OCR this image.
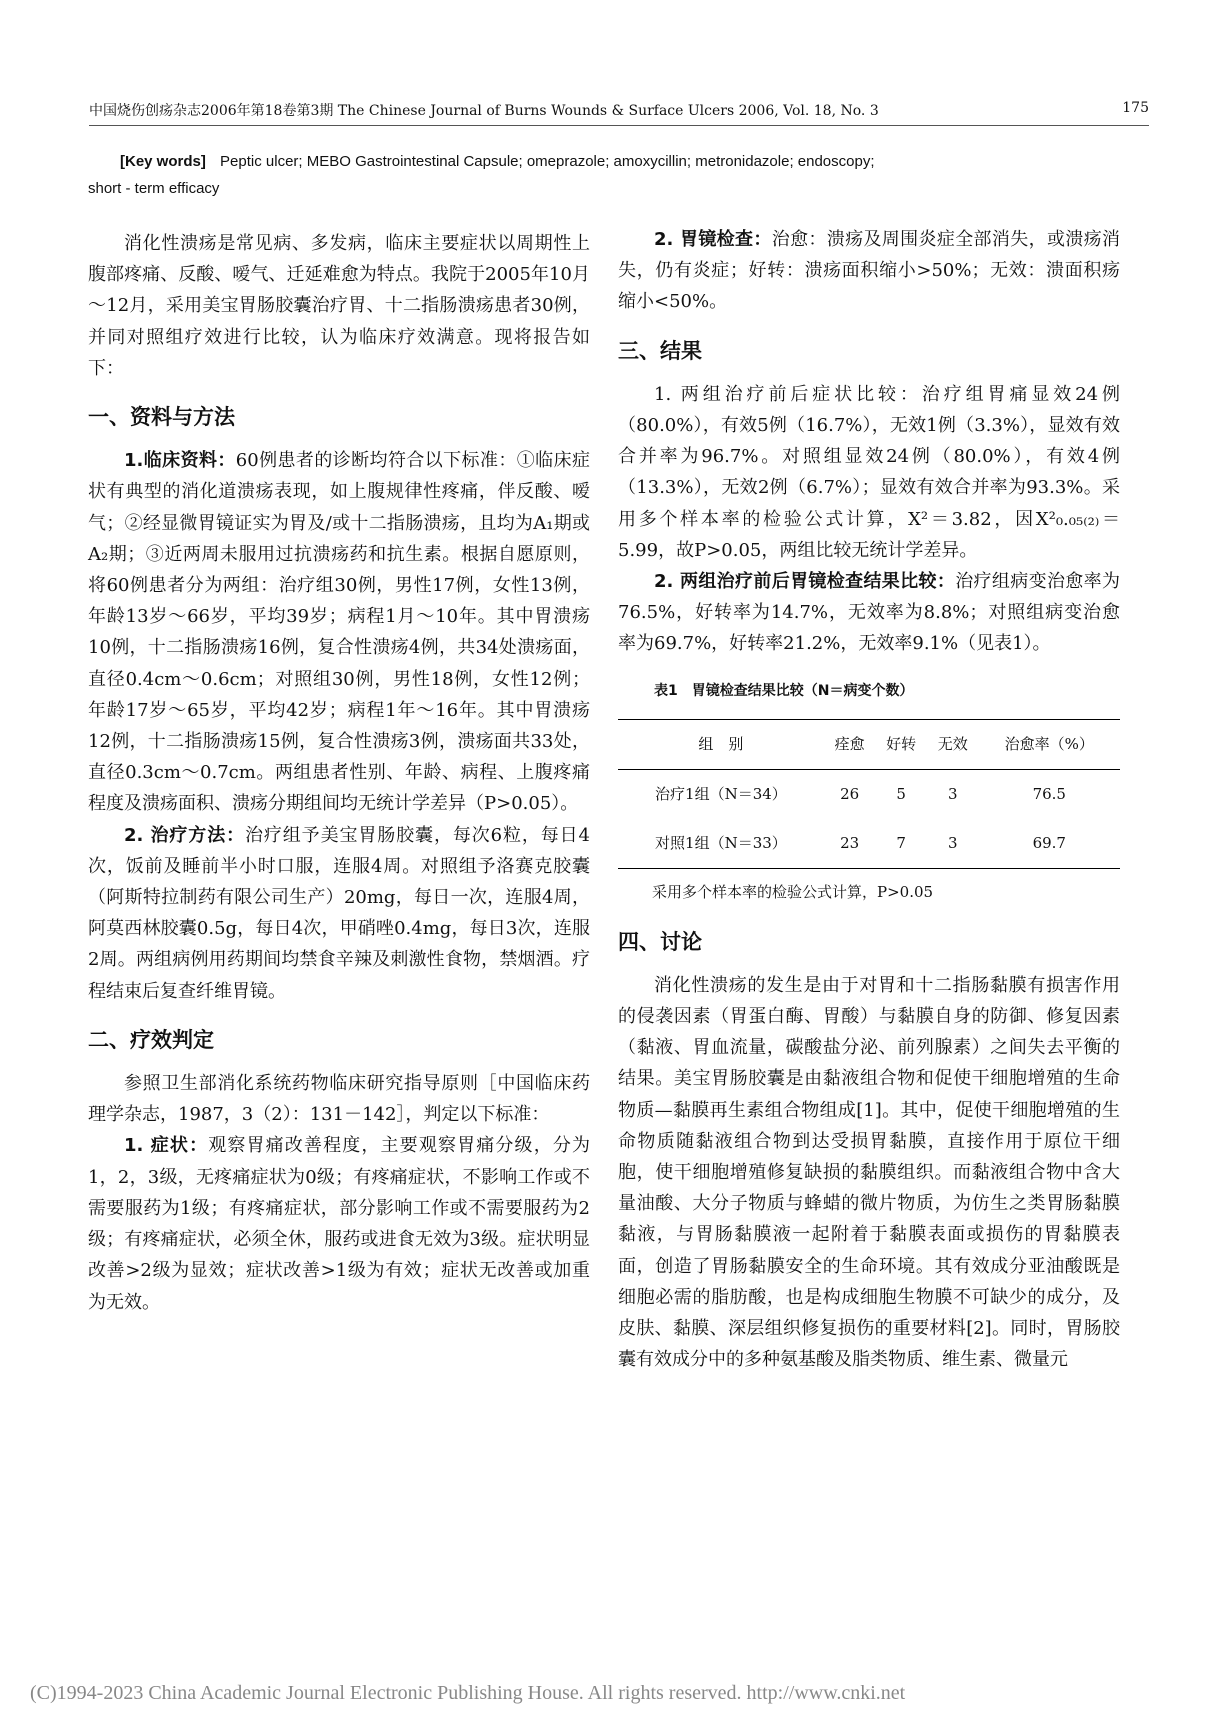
中国烧伤创疡杂志2006年第18卷第3期 The Chinese Journal of Burns Wounds & Surface Ulcers 2006, Vol. 18, No. 3	175
[Key words] Peptic ulcer; MEBO Gastrointestinal Capsule; omeprazole; amoxycillin; metronidazole; endoscopy;
short - term efficacy

消化性溃疡是常见病、多发病，临床主要症状以周期性上腹部疼痛、反酸、嗳气、迁延难愈为特点。我院于2005年10月～12月，采用美宝胃肠胶囊治疗胃、十二指肠溃疡患者30例，并同对照组疗效进行比较，认为临床疗效满意。现将报告如下：

一、资料与方法

1.临床资料：60例患者的诊断均符合以下标准：①临床症状有典型的消化道溃疡表现，如上腹规律性疼痛，伴反酸、嗳气；②经显微胃镜证实为胃及/或十二指肠溃疡，且均为A₁期或A₂期；③近两周未服用过抗溃疡药和抗生素。根据自愿原则，将60例患者分为两组：治疗组30例，男性17例，女性13例，年龄13岁～66岁，平均39岁；病程1月～10年。其中胃溃疡10例，十二指肠溃疡16例，复合性溃疡4例，共34处溃疡面，直径0.4cm～0.6cm；对照组30例，男性18例，女性12例；年龄17岁～65岁，平均42岁；病程1年～16年。其中胃溃疡12例，十二指肠溃疡15例，复合性溃疡3例，溃疡面共33处，直径0.3cm～0.7cm。两组患者性别、年龄、病程、上腹疼痛程度及溃疡面积、溃疡分期组间均无统计学差异（P>0.05）。

2. 治疗方法：治疗组予美宝胃肠胶囊，每次6粒，每日4次，饭前及睡前半小时口服，连服4周。对照组予洛赛克胶囊（阿斯特拉制药有限公司生产）20mg，每日一次，连服4周，阿莫西林胶囊0.5g，每日4次，甲硝唑0.4mg，每日3次，连服2周。两组病例用药期间均禁食辛辣及刺激性食物，禁烟酒。疗程结束后复查纤维胃镜。

二、疗效判定

参照卫生部消化系统药物临床研究指导原则［中国临床药理学杂志，1987，3（2）：131－142］，判定以下标准：

1. 症状：观察胃痛改善程度，主要观察胃痛分级，分为1，2，3级，无疼痛症状为0级；有疼痛症状，不影响工作或不需要服药为1级；有疼痛症状，部分影响工作或不需要服药为2级；有疼痛症状，必须全休，服药或进食无效为3级。症状明显改善>2级为显效；症状改善>1级为有效；症状无改善或加重为无效。

2. 胃镜检查：治愈：溃疡及周围炎症全部消失，或溃疡消失，仍有炎症；好转：溃疡面积缩小>50%；无效：溃面积疡缩小<50%。

三、结果

1. 两组治疗前后症状比较：治疗组胃痛显效24例（80.0%），有效5例（16.7%），无效1例（3.3%），显效有效合并率为96.7%。对照组显效24例（80.0%），有效4例（13.3%），无效2例（6.7%）；显效有效合并率为93.3%。采用多个样本率的检验公式计算，X²＝3.82，因X²₀.₀₅₍₂₎＝5.99，故P>0.05，两组比较无统计学差异。

2. 两组治疗前后胃镜检查结果比较：治疗组病变治愈率为76.5%，好转率为14.7%，无效率为8.8%；对照组病变治愈率为69.7%，好转率21.2%，无效率9.1%（见表1）。

表1　胃镜检查结果比较（N＝病变个数）
组　别	痊愈	好转	无效	治愈率（%）
治疗1组（N＝34）	26	5	3	76.5
对照1组（N＝33）	23	7	3	69.7
采用多个样本率的检验公式计算，P>0.05
四、讨论

消化性溃疡的发生是由于对胃和十二指肠黏膜有损害作用的侵袭因素（胃蛋白酶、胃酸）与黏膜自身的防御、修复因素（黏液、胃血流量，碳酸盐分泌、前列腺素）之间失去平衡的结果。美宝胃肠胶囊是由黏液组合物和促使干细胞增殖的生命物质—黏膜再生素组合物组成[1]。其中，促使干细胞增殖的生命物质随黏液组合物到达受损胃黏膜，直接作用于原位干细胞，使干细胞增殖修复缺损的黏膜组织。而黏液组合物中含大量油酸、大分子物质与蜂蜡的微片物质，为仿生之类胃肠黏膜黏液，与胃肠黏膜液一起附着于黏膜表面或损伤的胃黏膜表面，创造了胃肠黏膜安全的生命环境。其有效成分亚油酸既是细胞必需的脂肪酸，也是构成细胞生物膜不可缺少的成分，及皮肤、黏膜、深层组织修复损伤的重要材料[2]。同时，胃肠胶囊有效成分中的多种氨基酸及脂类物质、维生素、微量元

(C)1994-2023 China Academic Journal Electronic Publishing House. All rights reserved. http://www.cnki.net
